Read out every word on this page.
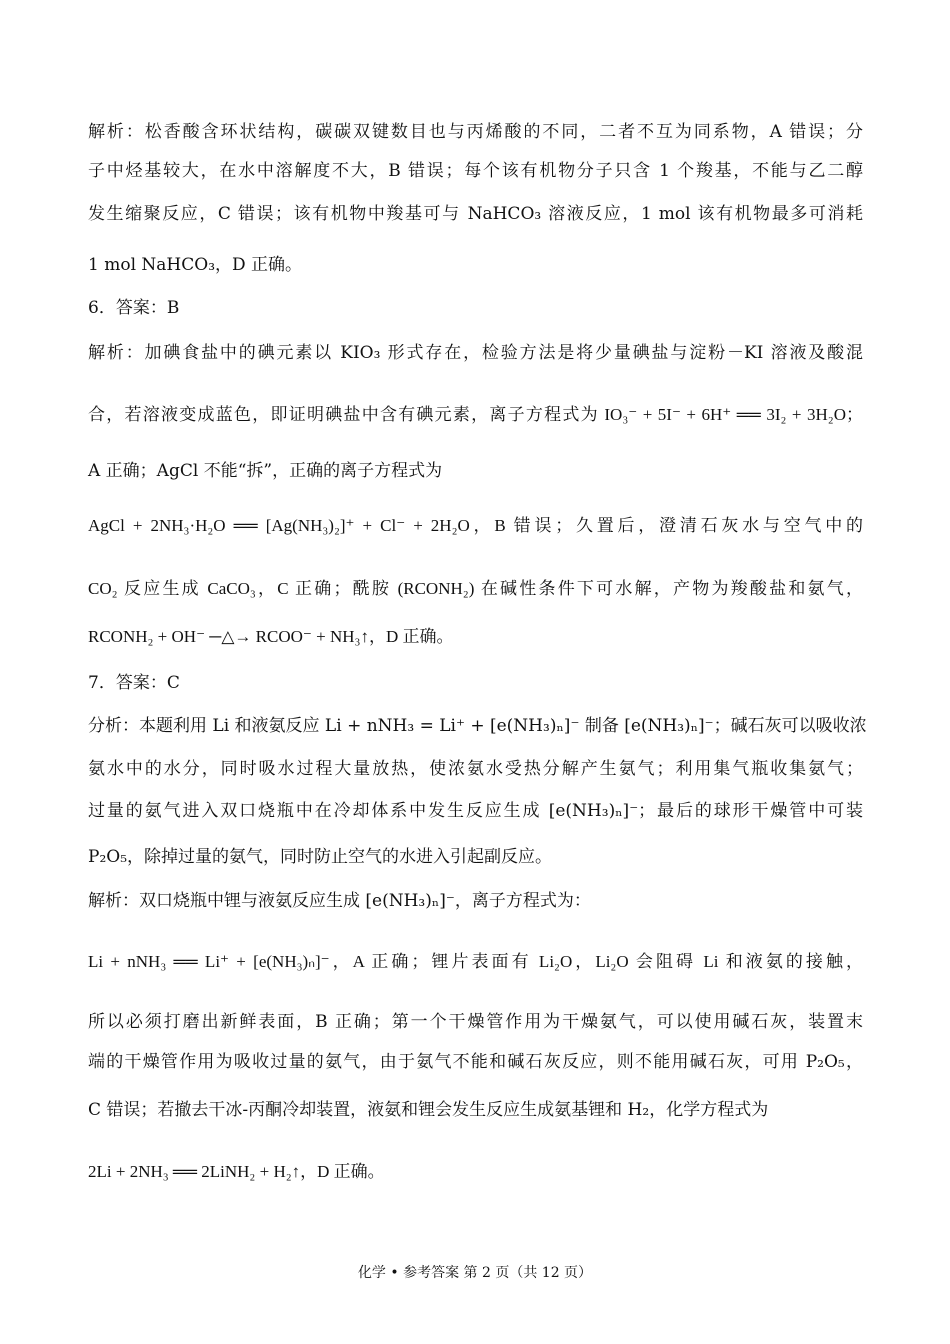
解析：松香酸含环状结构，碳碳双键数目也与丙烯酸的不同，二者不互为同系物，A 错误；分
子中烃基较大，在水中溶解度不大，B 错误；每个该有机物分子只含 1 个羧基，不能与乙二醇
发生缩聚反应，C 错误；该有机物中羧基可与 NaHCO₃ 溶液反应，1 mol 该有机物最多可消耗
1 mol NaHCO₃，D 正确。
6．答案：B
解析：加碘食盐中的碘元素以 KIO₃ 形式存在，检验方法是将少量碘盐与淀粉－KI 溶液及酸混
合，若溶液变成蓝色，即证明碘盐中含有碘元素，离子方程式为 IO₃⁻ + 5I⁻ + 6H⁺ ══ 3I₂ + 3H₂O；
A 正确；AgCl 不能“拆”，正确的离子方程式为
AgCl + 2NH₃·H₂O ══ [Ag(NH₃)₂]⁺ + Cl⁻ + 2H₂O，B 错误；久置后，澄清石灰水与空气中的
CO₂ 反应生成 CaCO₃，C 正确；酰胺 (RCONH₂) 在碱性条件下可水解，产物为羧酸盐和氨气，
RCONH₂ + OH⁻ ─△→ RCOO⁻ + NH₃↑，D 正确。
7．答案：C
分析：本题利用 Li 和液氨反应 Li + nNH₃ = Li⁺ + [e(NH₃)ₙ]⁻ 制备 [e(NH₃)ₙ]⁻；碱石灰可以吸收浓
氨水中的水分，同时吸水过程大量放热，使浓氨水受热分解产生氨气；利用集气瓶收集氨气；
过量的氨气进入双口烧瓶中在冷却体系中发生反应生成 [e(NH₃)ₙ]⁻；最后的球形干燥管中可装
P₂O₅，除掉过量的氨气，同时防止空气的水进入引起副反应。
解析：双口烧瓶中锂与液氨反应生成 [e(NH₃)ₙ]⁻，离子方程式为：
Li + nNH₃ ══ Li⁺ + [e(NH₃)ₙ]⁻，A 正确；锂片表面有 Li₂O，Li₂O 会阻碍 Li 和液氨的接触，
所以必须打磨出新鲜表面，B 正确；第一个干燥管作用为干燥氨气，可以使用碱石灰，装置末
端的干燥管作用为吸收过量的氨气，由于氨气不能和碱石灰反应，则不能用碱石灰，可用 P₂O₅，
C 错误；若撤去干冰-丙酮冷却装置，液氨和锂会发生反应生成氨基锂和 H₂，化学方程式为
2Li + 2NH₃ ══ 2LiNH₂ + H₂↑，D 正确。
化学 • 参考答案 第 2 页（共 12 页）
